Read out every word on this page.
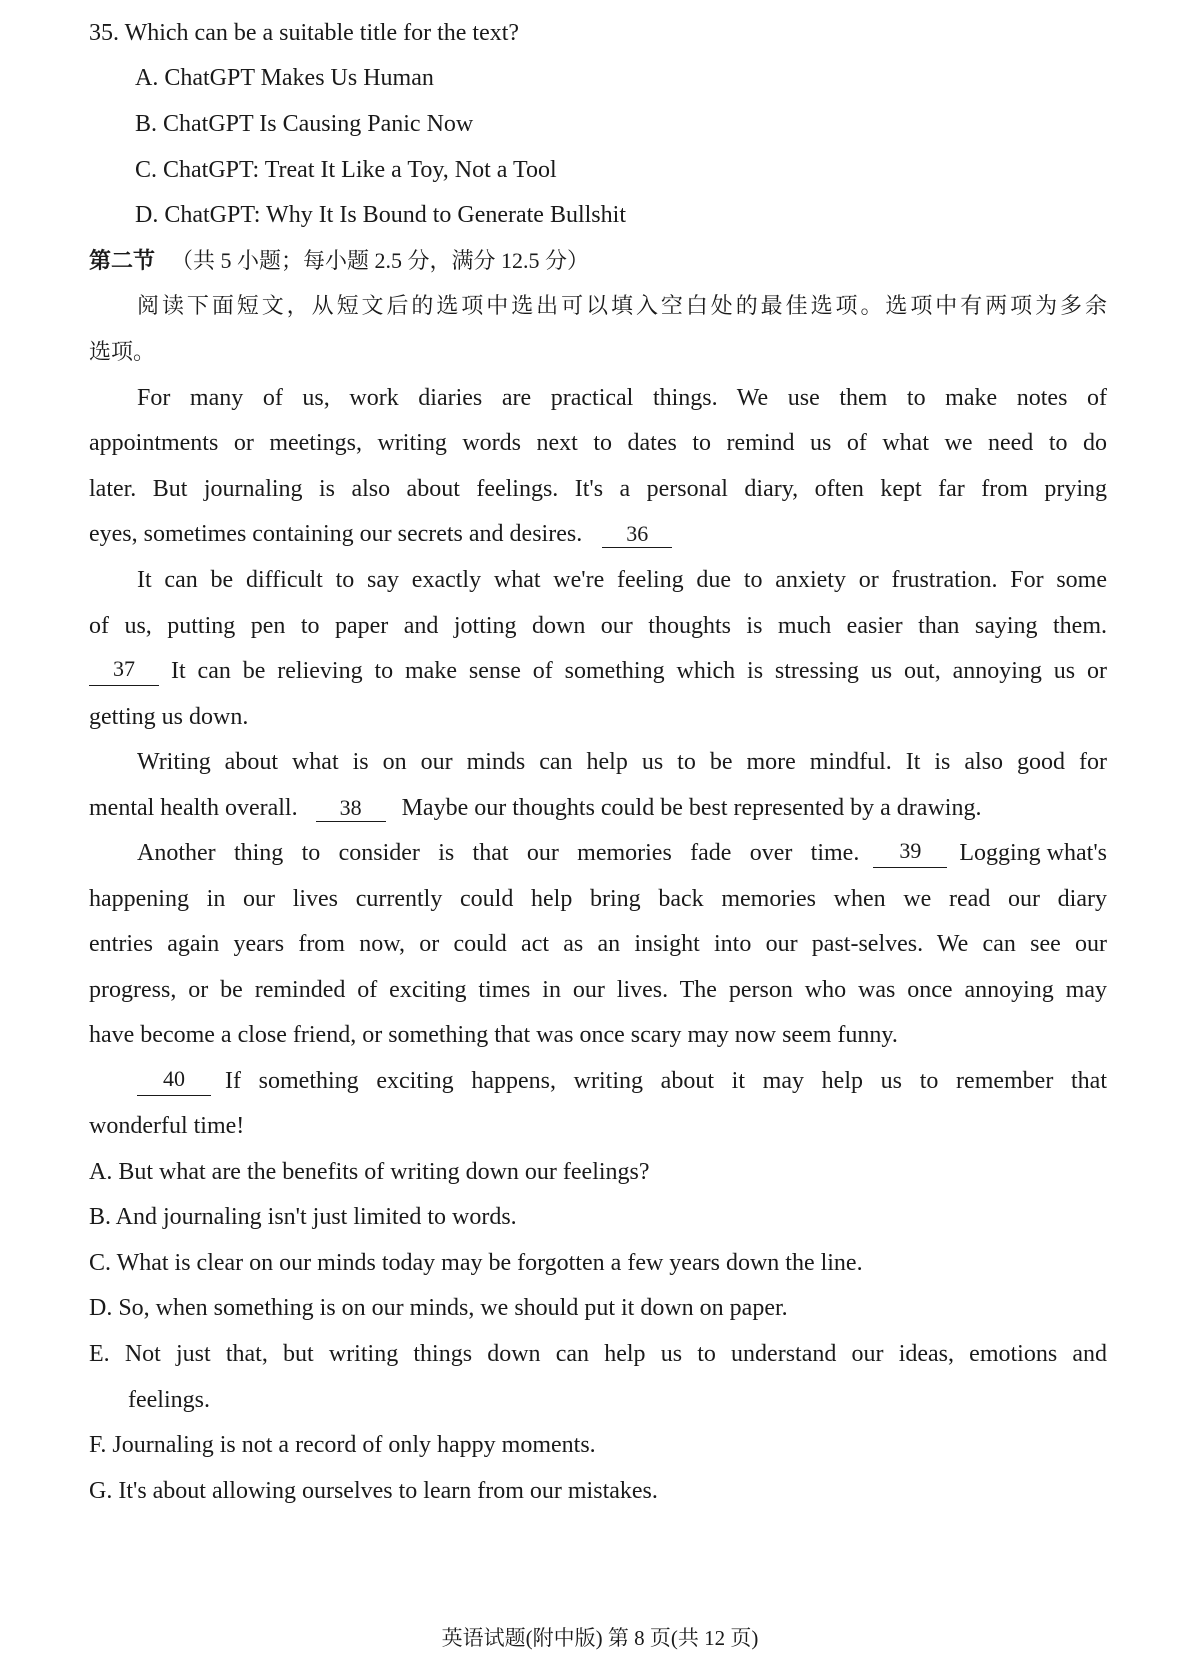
35. Which can be a suitable title for the text?
A. ChatGPT Makes Us Human
B. ChatGPT Is Causing Panic Now
C. ChatGPT: Treat It Like a Toy, Not a Tool
D. ChatGPT: Why It Is Bound to Generate Bullshit
第二节 （共 5 小题；每小题 2.5 分，满分 12.5 分）
阅读下面短文，从短文后的选项中选出可以填入空白处的最佳选项。选项中有两项为多余
选项。
For many of us, work diaries are practical things. We use them to make notes of
appointments or meetings, writing words next to dates to remind us of what we need to do
later. But journaling is also about feelings. It's a personal diary, often kept far from prying
eyes, sometimes containing our secrets and desires. 36
It can be difficult to say exactly what we're feeling due to anxiety or frustration. For some
of us, putting pen to paper and jotting down our thoughts is much easier than saying them.
37	It can be relieving to make sense of something which is stressing us out, annoying us or
getting us down.
Writing about what is on our minds can help us to be more mindful. It is also good for
mental health overall. 38 Maybe our thoughts could be best represented by a drawing.
Another thing to consider is that our memories fade over time.	39	Logging what's
happening in our lives currently could help bring back memories when we read our diary
entries again years from now, or could act as an insight into our past-selves. We can see our
progress, or be reminded of exciting times in our lives. The person who was once annoying may
have become a close friend, or something that was once scary may now seem funny.
40	If something exciting happens, writing about it may help us to remember that
wonderful time!
A. But what are the benefits of writing down our feelings?
B. And journaling isn't just limited to words.
C. What is clear on our minds today may be forgotten a few years down the line.
D. So, when something is on our minds, we should put it down on paper.
E. Not just that, but writing things down can help us to understand our ideas, emotions and
feelings.
F. Journaling is not a record of only happy moments.
G. It's about allowing ourselves to learn from our mistakes.
英语试题(附中版) 第 8 页(共 12 页)
